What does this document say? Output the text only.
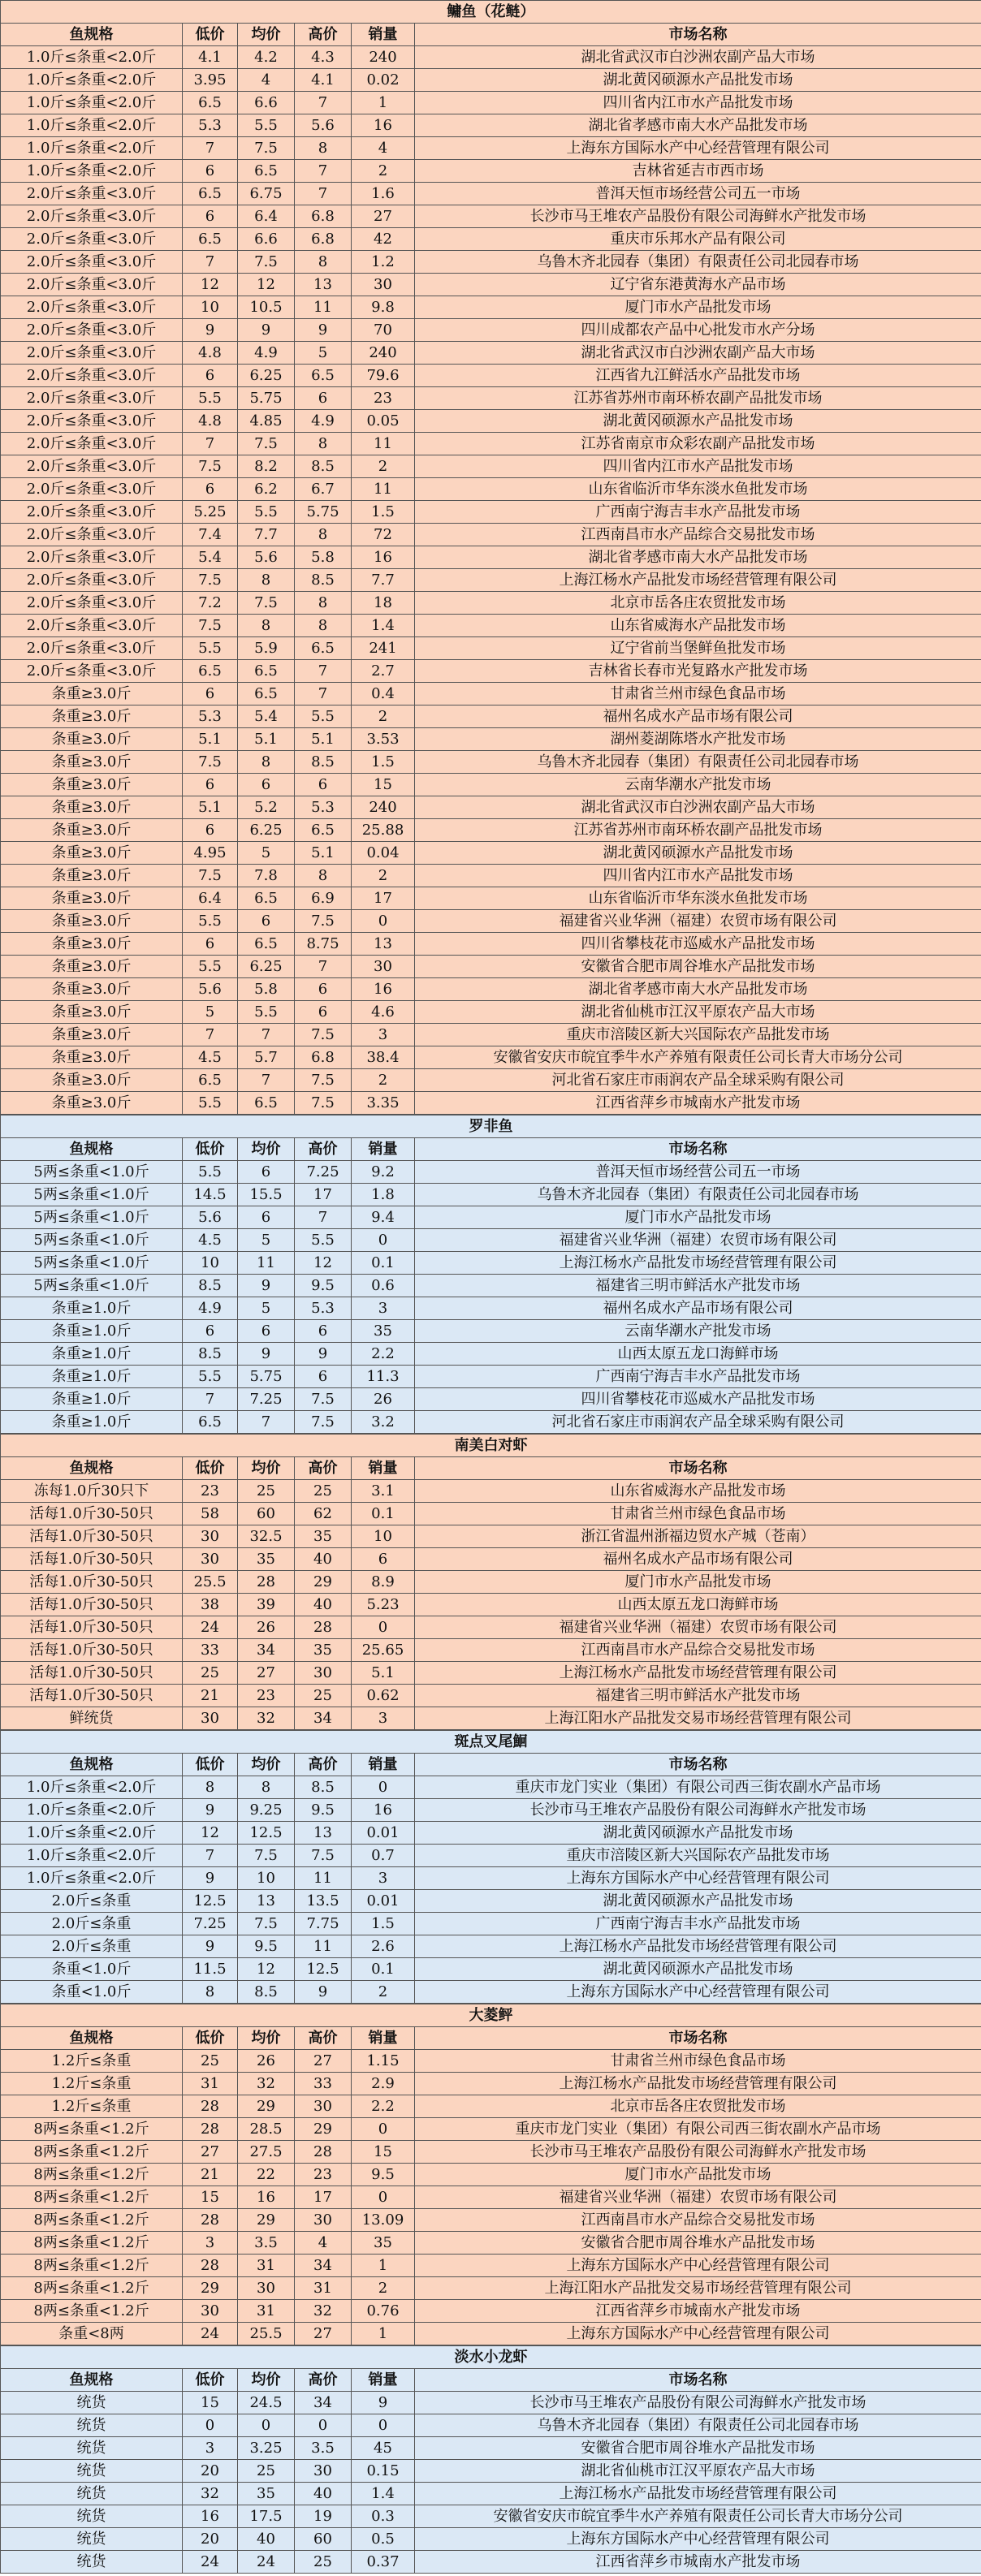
鳙鱼（花鲢）					
鱼规格	低价	均价	高价	销量	市场名称
1.0斤≤条重<2.0斤	4.1	4.2	4.3	240	湖北省武汉市白沙洲农副产品大市场
1.0斤≤条重<2.0斤	3.95	4	4.1	0.02	湖北黄冈硕源水产品批发市场
1.0斤≤条重<2.0斤	6.5	6.6	7	1	四川省内江市水产品批发市场
1.0斤≤条重<2.0斤	5.3	5.5	5.6	16	湖北省孝感市南大水产品批发市场
1.0斤≤条重<2.0斤	7	7.5	8	4	上海东方国际水产中心经营管理有限公司
1.0斤≤条重<2.0斤	6	6.5	7	2	吉林省延吉市西市场
2.0斤≤条重<3.0斤	6.5	6.75	7	1.6	普洱天恒市场经营公司五一市场
2.0斤≤条重<3.0斤	6	6.4	6.8	27	长沙市马王堆农产品股份有限公司海鲜水产批发市场
2.0斤≤条重<3.0斤	6.5	6.6	6.8	42	重庆市乐邦水产品有限公司
2.0斤≤条重<3.0斤	7	7.5	8	1.2	乌鲁木齐北园春（集团）有限责任公司北园春市场
2.0斤≤条重<3.0斤	12	12	13	30	辽宁省东港黄海水产品市场
2.0斤≤条重<3.0斤	10	10.5	11	9.8	厦门市水产品批发市场
2.0斤≤条重<3.0斤	9	9	9	70	四川成都农产品中心批发市水产分场
2.0斤≤条重<3.0斤	4.8	4.9	5	240	湖北省武汉市白沙洲农副产品大市场
2.0斤≤条重<3.0斤	6	6.25	6.5	79.6	江西省九江鲜活水产品批发市场
2.0斤≤条重<3.0斤	5.5	5.75	6	23	江苏省苏州市南环桥农副产品批发市场
2.0斤≤条重<3.0斤	4.8	4.85	4.9	0.05	湖北黄冈硕源水产品批发市场
2.0斤≤条重<3.0斤	7	7.5	8	11	江苏省南京市众彩农副产品批发市场
2.0斤≤条重<3.0斤	7.5	8.2	8.5	2	四川省内江市水产品批发市场
2.0斤≤条重<3.0斤	6	6.2	6.7	11	山东省临沂市华东淡水鱼批发市场
2.0斤≤条重<3.0斤	5.25	5.5	5.75	1.5	广西南宁海吉丰水产品批发市场
2.0斤≤条重<3.0斤	7.4	7.7	8	72	江西南昌市水产品综合交易批发市场
2.0斤≤条重<3.0斤	5.4	5.6	5.8	16	湖北省孝感市南大水产品批发市场
2.0斤≤条重<3.0斤	7.5	8	8.5	7.7	上海江杨水产品批发市场经营管理有限公司
2.0斤≤条重<3.0斤	7.2	7.5	8	18	北京市岳各庄农贸批发市场
2.0斤≤条重<3.0斤	7.5	8	8	1.4	山东省威海水产品批发市场
2.0斤≤条重<3.0斤	5.5	5.9	6.5	241	辽宁省前当堡鲜鱼批发市场
2.0斤≤条重<3.0斤	6.5	6.5	7	2.7	吉林省长春市光复路水产批发市场
条重≥3.0斤	6	6.5	7	0.4	甘肃省兰州市绿色食品市场
条重≥3.0斤	5.3	5.4	5.5	2	福州名成水产品市场有限公司
条重≥3.0斤	5.1	5.1	5.1	3.53	湖州菱湖陈塔水产批发市场
条重≥3.0斤	7.5	8	8.5	1.5	乌鲁木齐北园春（集团）有限责任公司北园春市场
条重≥3.0斤	6	6	6	15	云南华潮水产批发市场
条重≥3.0斤	5.1	5.2	5.3	240	湖北省武汉市白沙洲农副产品大市场
条重≥3.0斤	6	6.25	6.5	25.88	江苏省苏州市南环桥农副产品批发市场
条重≥3.0斤	4.95	5	5.1	0.04	湖北黄冈硕源水产品批发市场
条重≥3.0斤	7.5	7.8	8	2	四川省内江市水产品批发市场
条重≥3.0斤	6.4	6.5	6.9	17	山东省临沂市华东淡水鱼批发市场
条重≥3.0斤	5.5	6	7.5	0	福建省兴业华洲（福建）农贸市场有限公司
条重≥3.0斤	6	6.5	8.75	13	四川省攀枝花市巡威水产品批发市场
条重≥3.0斤	5.5	6.25	7	30	安徽省合肥市周谷堆水产品批发市场
条重≥3.0斤	5.6	5.8	6	16	湖北省孝感市南大水产品批发市场
条重≥3.0斤	5	5.5	6	4.6	湖北省仙桃市江汉平原农产品大市场
条重≥3.0斤	7	7	7.5	3	重庆市涪陵区新大兴国际农产品批发市场
条重≥3.0斤	4.5	5.7	6.8	38.4	安徽省安庆市皖宜季牛水产养殖有限责任公司长青大市场分公司
条重≥3.0斤	6.5	7	7.5	2	河北省石家庄市雨润农产品全球采购有限公司
条重≥3.0斤	5.5	6.5	7.5	3.35	江西省萍乡市城南水产批发市场
罗非鱼					
鱼规格	低价	均价	高价	销量	市场名称
5两≤条重<1.0斤	5.5	6	7.25	9.2	普洱天恒市场经营公司五一市场
5两≤条重<1.0斤	14.5	15.5	17	1.8	乌鲁木齐北园春（集团）有限责任公司北园春市场
5两≤条重<1.0斤	5.6	6	7	9.4	厦门市水产品批发市场
5两≤条重<1.0斤	4.5	5	5.5	0	福建省兴业华洲（福建）农贸市场有限公司
5两≤条重<1.0斤	10	11	12	0.1	上海江杨水产品批发市场经营管理有限公司
5两≤条重<1.0斤	8.5	9	9.5	0.6	福建省三明市鲜活水产批发市场
条重≥1.0斤	4.9	5	5.3	3	福州名成水产品市场有限公司
条重≥1.0斤	6	6	6	35	云南华潮水产批发市场
条重≥1.0斤	8.5	9	9	2.2	山西太原五龙口海鲜市场
条重≥1.0斤	5.5	5.75	6	11.3	广西南宁海吉丰水产品批发市场
条重≥1.0斤	7	7.25	7.5	26	四川省攀枝花市巡威水产品批发市场
条重≥1.0斤	6.5	7	7.5	3.2	河北省石家庄市雨润农产品全球采购有限公司
南美白对虾					
鱼规格	低价	均价	高价	销量	市场名称
冻每1.0斤30只下	23	25	25	3.1	山东省威海水产品批发市场
活每1.0斤30-50只	58	60	62	0.1	甘肃省兰州市绿色食品市场
活每1.0斤30-50只	30	32.5	35	10	浙江省温州浙福边贸水产城（苍南）
活每1.0斤30-50只	30	35	40	6	福州名成水产品市场有限公司
活每1.0斤30-50只	25.5	28	29	8.9	厦门市水产品批发市场
活每1.0斤30-50只	38	39	40	5.23	山西太原五龙口海鲜市场
活每1.0斤30-50只	24	26	28	0	福建省兴业华洲（福建）农贸市场有限公司
活每1.0斤30-50只	33	34	35	25.65	江西南昌市水产品综合交易批发市场
活每1.0斤30-50只	25	27	30	5.1	上海江杨水产品批发市场经营管理有限公司
活每1.0斤30-50只	21	23	25	0.62	福建省三明市鲜活水产批发市场
鲜统货	30	32	34	3	上海江阳水产品批发交易市场经营管理有限公司
斑点叉尾鮰					
鱼规格	低价	均价	高价	销量	市场名称
1.0斤≤条重<2.0斤	8	8	8.5	0	重庆市龙门实业（集团）有限公司西三街农副水产品市场
1.0斤≤条重<2.0斤	9	9.25	9.5	16	长沙市马王堆农产品股份有限公司海鲜水产批发市场
1.0斤≤条重<2.0斤	12	12.5	13	0.01	湖北黄冈硕源水产品批发市场
1.0斤≤条重<2.0斤	7	7.5	7.5	0.7	重庆市涪陵区新大兴国际农产品批发市场
1.0斤≤条重<2.0斤	9	10	11	3	上海东方国际水产中心经营管理有限公司
2.0斤≤条重	12.5	13	13.5	0.01	湖北黄冈硕源水产品批发市场
2.0斤≤条重	7.25	7.5	7.75	1.5	广西南宁海吉丰水产品批发市场
2.0斤≤条重	9	9.5	11	2.6	上海江杨水产品批发市场经营管理有限公司
条重<1.0斤	11.5	12	12.5	0.1	湖北黄冈硕源水产品批发市场
条重<1.0斤	8	8.5	9	2	上海东方国际水产中心经营管理有限公司
大菱鲆					
鱼规格	低价	均价	高价	销量	市场名称
1.2斤≤条重	25	26	27	1.15	甘肃省兰州市绿色食品市场
1.2斤≤条重	31	32	33	2.9	上海江杨水产品批发市场经营管理有限公司
1.2斤≤条重	28	29	30	2.2	北京市岳各庄农贸批发市场
8两≤条重<1.2斤	28	28.5	29	0	重庆市龙门实业（集团）有限公司西三街农副水产品市场
8两≤条重<1.2斤	27	27.5	28	15	长沙市马王堆农产品股份有限公司海鲜水产批发市场
8两≤条重<1.2斤	21	22	23	9.5	厦门市水产品批发市场
8两≤条重<1.2斤	15	16	17	0	福建省兴业华洲（福建）农贸市场有限公司
8两≤条重<1.2斤	28	29	30	13.09	江西南昌市水产品综合交易批发市场
8两≤条重<1.2斤	3	3.5	4	35	安徽省合肥市周谷堆水产品批发市场
8两≤条重<1.2斤	28	31	34	1	上海东方国际水产中心经营管理有限公司
8两≤条重<1.2斤	29	30	31	2	上海江阳水产品批发交易市场经营管理有限公司
8两≤条重<1.2斤	30	31	32	0.76	江西省萍乡市城南水产批发市场
条重<8两	24	25.5	27	1	上海东方国际水产中心经营管理有限公司
淡水小龙虾					
鱼规格	低价	均价	高价	销量	市场名称
统货	15	24.5	34	9	长沙市马王堆农产品股份有限公司海鲜水产批发市场
统货	0	0	0	0	乌鲁木齐北园春（集团）有限责任公司北园春市场
统货	3	3.25	3.5	45	安徽省合肥市周谷堆水产品批发市场
统货	20	25	30	0.15	湖北省仙桃市江汉平原农产品大市场
统货	32	35	40	1.4	上海江杨水产品批发市场经营管理有限公司
统货	16	17.5	19	0.3	安徽省安庆市皖宜季牛水产养殖有限责任公司长青大市场分公司
统货	20	40	60	0.5	上海东方国际水产中心经营管理有限公司
统货	24	24	25	0.37	江西省萍乡市城南水产批发市场
